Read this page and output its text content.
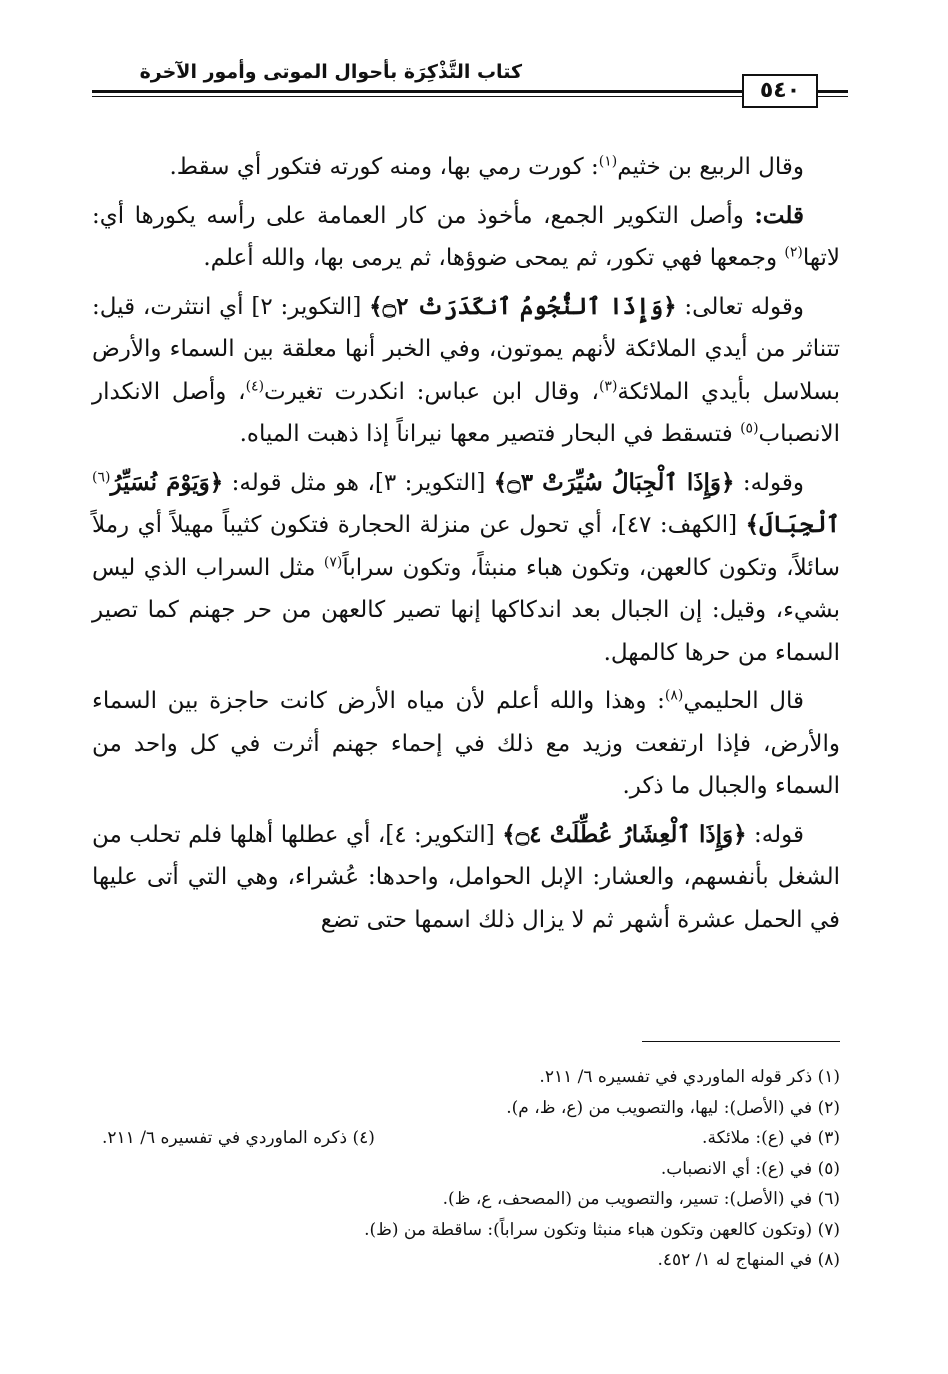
٥٤٠
كتاب التَّذْكِرَة بأحوال الموتى وأمور الآخرة

وقال الربيع بن خثيم$^{(١)}$: كورت رمي بها، ومنه كورته فتكور أي سقط.

قلت: وأصل التكوير الجمع، مأخوذ من كار العمامة على رأسه يكورها أي: لاتها$^{(٢)}$ وجمعها فهي تكور، ثم يمحى ضوؤها، ثم يرمى بها، والله أعلم.

وقوله تعالى: ﴿وَإِذَا ٱلنُّجُومُ ٱنكَدَرَتْ ۝٢﴾ [التكوير: ٢] أي انتثرت، قيل: تتناثر من أيدي الملائكة لأنهم يموتون، وفي الخبر أنها معلقة بين السماء والأرض بسلاسل بأيدي الملائكة$^{(٣)}$، وقال ابن عباس: انكدرت تغيرت$^{(٤)}$، وأصل الانكدار الانصباب$^{(٥)}$ فتسقط في البحار فتصير معها نيراناً إذا ذهبت المياه.

وقوله: ﴿وَإِذَا ٱلْجِبَالُ سُيِّرَتْ ۝٣﴾ [التكوير: ٣]، هو مثل قوله: ﴿وَيَوْمَ نُسَيِّرُ$^{(٦)}$ ٱلْجِبَالَ﴾ [الكهف: ٤٧]، أي تحول عن منزلة الحجارة فتكون كثيباً مهيلاً أي رملاً سائلاً، وتكون كالعهن، وتكون هباء منبثاً، وتكون سراباً$^{(٧)}$ مثل السراب الذي ليس بشيء، وقيل: إن الجبال بعد اندكاكها إنها تصير كالعهن من حر جهنم كما تصير السماء من حرها كالمهل.

قال الحليمي$^{(٨)}$: وهذا والله أعلم لأن مياه الأرض كانت حاجزة بين السماء والأرض، فإذا ارتفعت وزيد مع ذلك في إحماء جهنم أثرت في كل واحد من السماء والجبال ما ذكر.

قوله: ﴿وَإِذَا ٱلْعِشَارُ عُطِّلَتْ ۝٤﴾ [التكوير: ٤]، أي عطلها أهلها فلم تحلب من الشغل بأنفسهم، والعشار: الإبل الحوامل، واحدها: عُشراء، وهي التي أتى عليها في الحمل عشرة أشهر ثم لا يزال ذلك اسمها حتى تضع

(١) ذكر قوله الماوردي في تفسيره ٦/ ٢١١.
(٢) في (الأصل): ليها، والتصويب من (ع، ظ، م).
(٣) في (ع): ملائكة.
(٤) ذكره الماوردي في تفسيره ٦/ ٢١١.
(٥) في (ع): أي الانصباب.
(٦) في (الأصل): تسير، والتصويب من (المصحف، ع، ظ).
(٧) (وتكون كالعهن وتكون هباء منبثا وتكون سراباً): ساقطة من (ظ).
(٨) في المنهاج له ١/ ٤٥٢.
